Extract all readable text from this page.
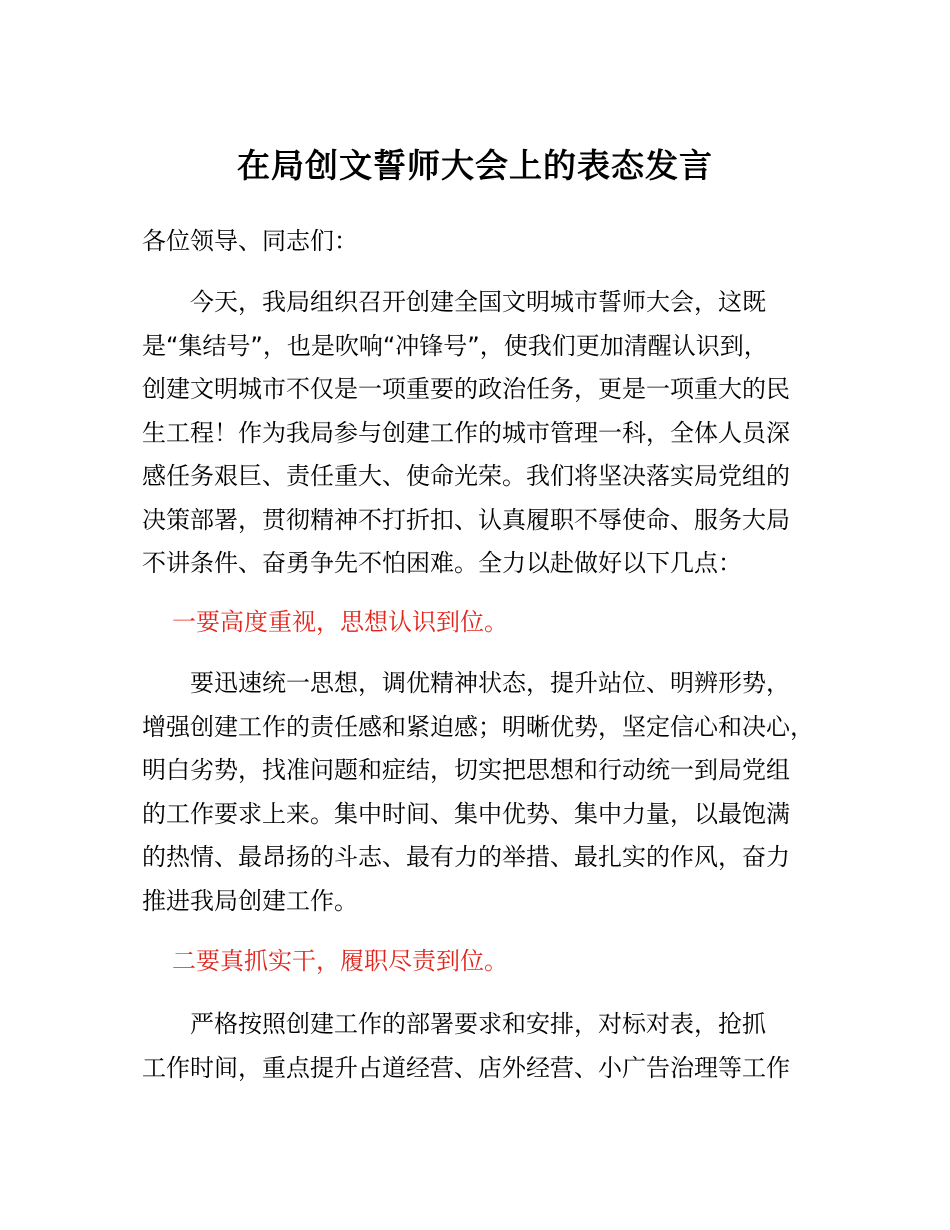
在局创文誓师大会上的表态发言

各位领导、同志们：

　　今天，我局组织召开创建全国文明城市誓师大会，这既
是“集结号”，也是吹响“冲锋号”，使我们更加清醒认识到，
创建文明城市不仅是一项重要的政治任务，更是一项重大的民
生工程！作为我局参与创建工作的城市管理一科，全体人员深
感任务艰巨、责任重大、使命光荣。我们将坚决落实局党组的
决策部署，贯彻精神不打折扣、认真履职不辱使命、服务大局
不讲条件、奋勇争先不怕困难。全力以赴做好以下几点：

一要高度重视，思想认识到位。

　　要迅速统一思想，调优精神状态，提升站位、明辨形势，
增强创建工作的责任感和紧迫感；明晰优势，坚定信心和决心，
明白劣势，找准问题和症结，切实把思想和行动统一到局党组
的工作要求上来。集中时间、集中优势、集中力量，以最饱满
的热情、最昂扬的斗志、最有力的举措、最扎实的作风，奋力
推进我局创建工作。

二要真抓实干，履职尽责到位。

　　严格按照创建工作的部署要求和安排，对标对表，抢抓
工作时间，重点提升占道经营、店外经营、小广告治理等工作
